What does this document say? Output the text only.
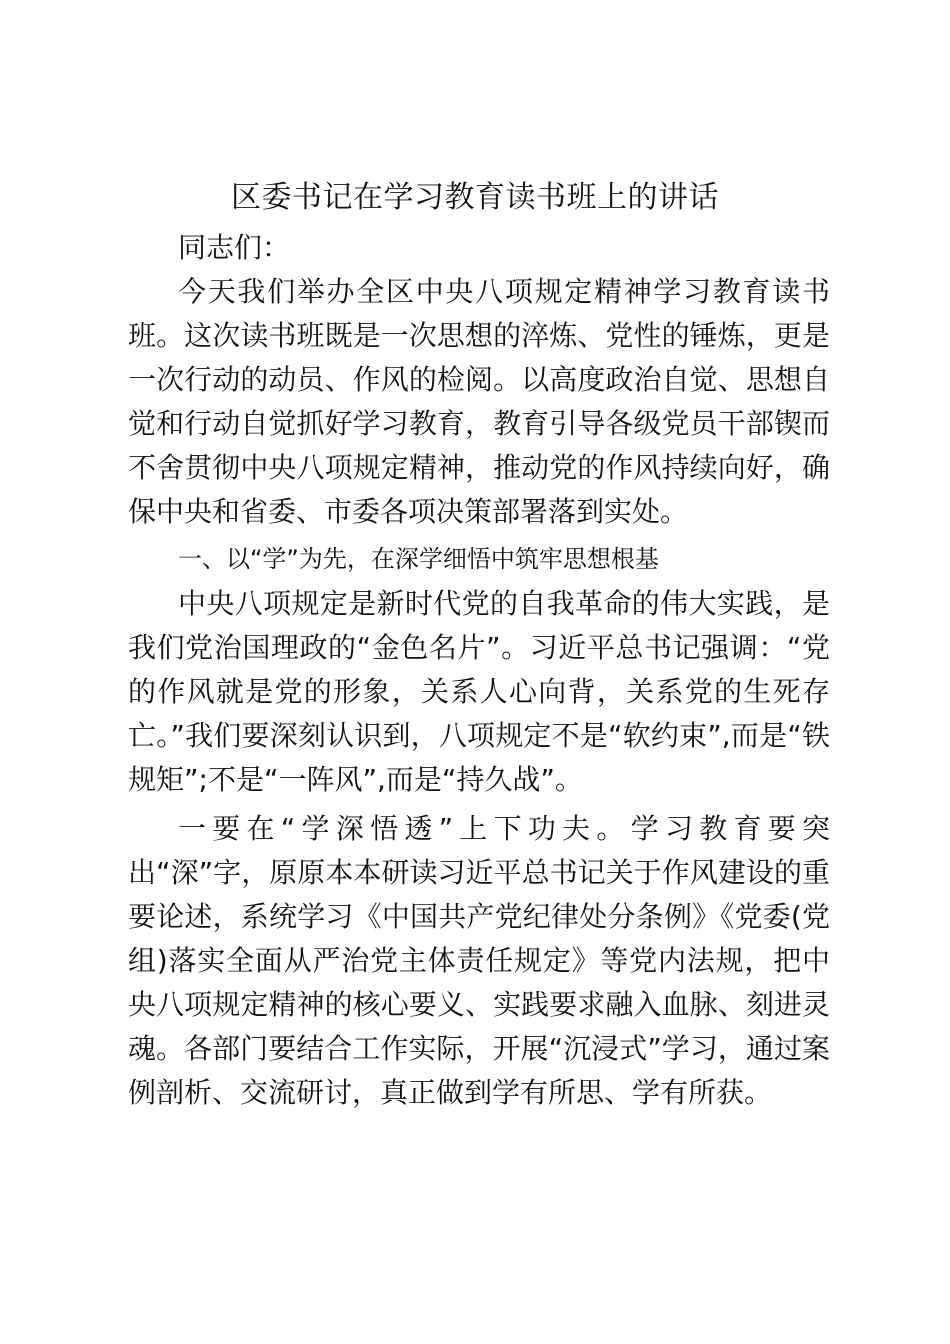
区委书记在学习教育读书班上的讲话
同志们：
今天我们举办全区中央八项规定精神学习教育读书班。这次读书班既是一次思想的淬炼、党性的锤炼，更是一次行动的动员、作风的检阅。以高度政治自觉、思想自觉和行动自觉抓好学习教育，教育引导各级党员干部锲而不舍贯彻中央八项规定精神，推动党的作风持续向好，确保中央和省委、市委各项决策部署落到实处。
一、以“学”为先，在深学细悟中筑牢思想根基
中央八项规定是新时代党的自我革命的伟大实践，是我们党治国理政的“金色名片”。习近平总书记强调：“党的作风就是党的形象，关系人心向背，关系党的生死存亡。”我们要深刻认识到，八项规定不是“软约束”,而是“铁规矩”;不是“一阵风”,而是“持久战”。
一要在“学深悟透”上下功夫。学习教育要突出“深”字，原原本本研读习近平总书记关于作风建设的重要论述，系统学习《中国共产党纪律处分条例》《党委(党组)落实全面从严治党主体责任规定》等党内法规，把中央八项规定精神的核心要义、实践要求融入血脉、刻进灵魂。各部门要结合工作实际，开展“沉浸式”学习，通过案例剖析、交流研讨，真正做到学有所思、学有所获。
